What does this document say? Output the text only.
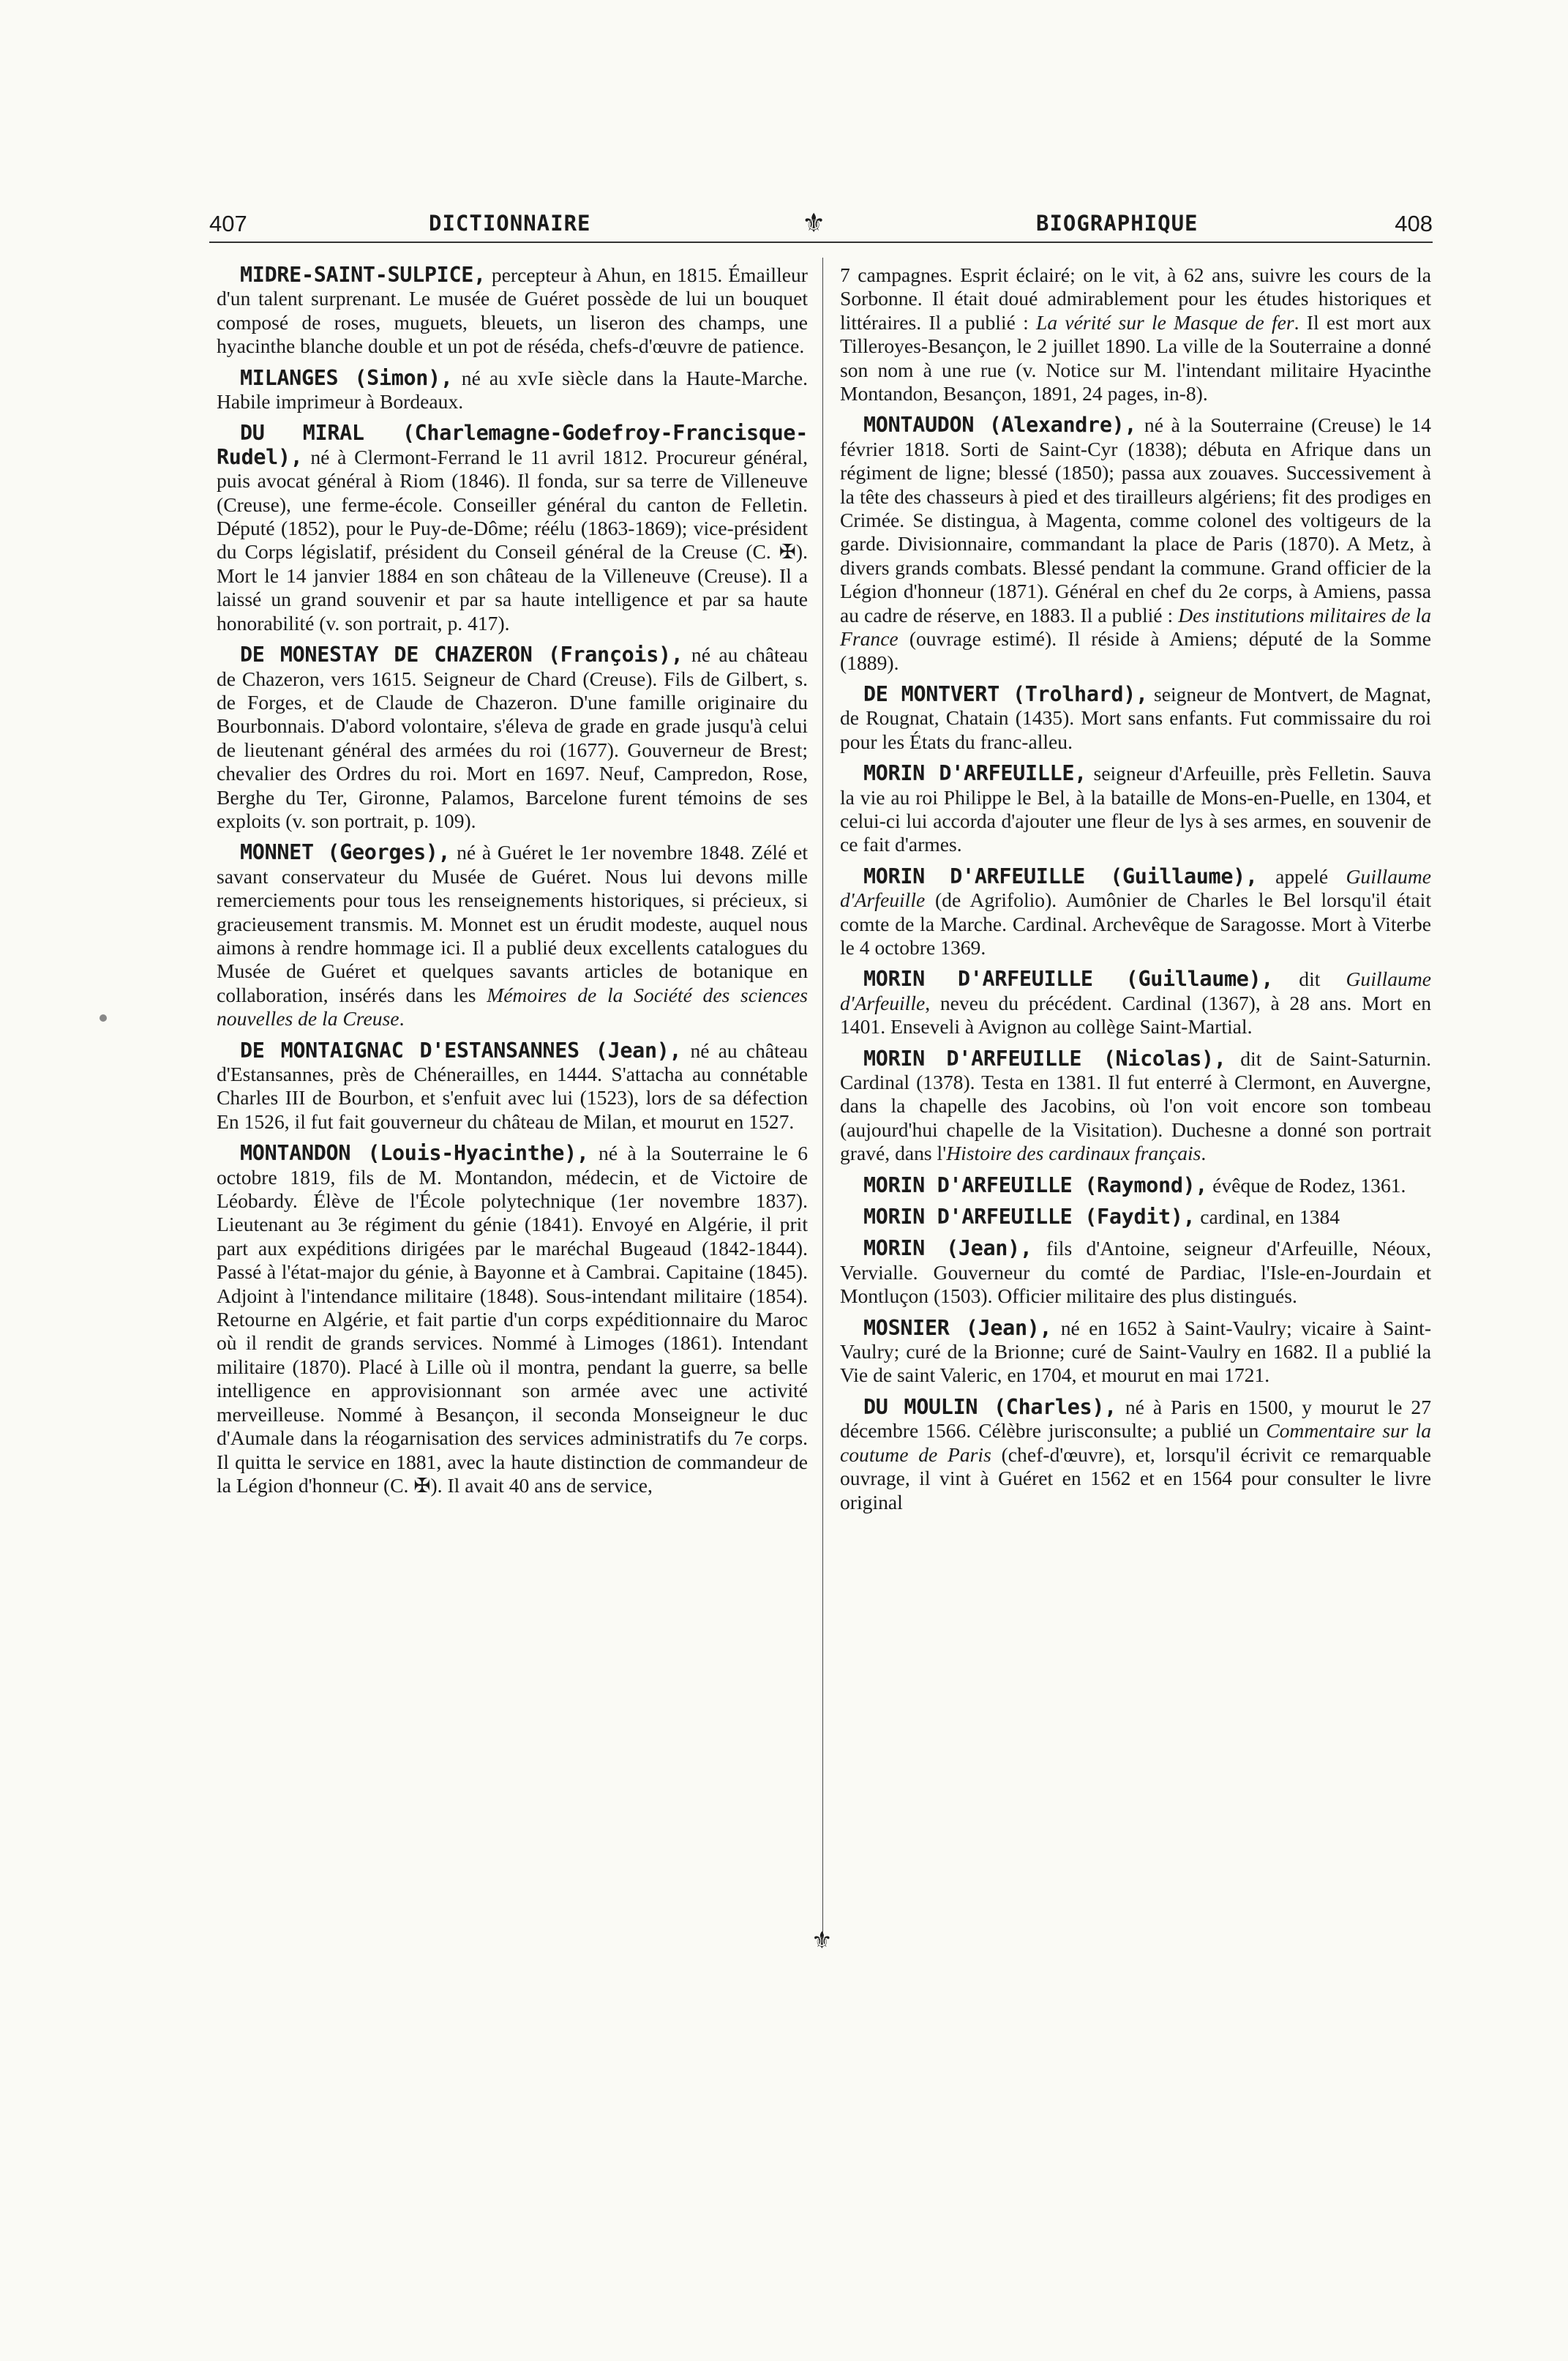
407	DICTIONNAIRE	⚜	BIOGRAPHIQUE	408
⚜

MIDRE-SAINT-SULPICE, percepteur à Ahun, en 1815. Émailleur d'un talent surprenant. Le musée de Guéret possède de lui un bouquet composé de roses, muguets, bleuets, un liseron des champs, une hyacinthe blanche double et un pot de réséda, chefs-d'œuvre de patience.

MILANGES (Simon), né au xvIe siècle dans la Haute-Marche. Habile imprimeur à Bordeaux.

DU MIRAL (Charlemagne-Godefroy-Francisque-Rudel), né à Clermont-Ferrand le 11 avril 1812. Procureur général, puis avocat général à Riom (1846). Il fonda, sur sa terre de Villeneuve (Creuse), une ferme-école. Conseiller général du canton de Felletin. Député (1852), pour le Puy-de-Dôme; réélu (1863-1869); vice-président du Corps législatif, président du Conseil général de la Creuse (C. ✠). Mort le 14 janvier 1884 en son château de la Villeneuve (Creuse). Il a laissé un grand souvenir et par sa haute intelligence et par sa haute honorabilité (v. son portrait, p. 417).

DE MONESTAY DE CHAZERON (François), né au château de Chazeron, vers 1615. Seigneur de Chard (Creuse). Fils de Gilbert, s. de Forges, et de Claude de Chazeron. D'une famille originaire du Bourbonnais. D'abord volontaire, s'éleva de grade en grade jusqu'à celui de lieutenant général des armées du roi (1677). Gouverneur de Brest; chevalier des Ordres du roi. Mort en 1697. Neuf, Campredon, Rose, Berghe du Ter, Gironne, Palamos, Barcelone furent témoins de ses exploits (v. son portrait, p. 109).

MONNET (Georges), né à Guéret le 1er novembre 1848. Zélé et savant conservateur du Musée de Guéret. Nous lui devons mille remerciements pour tous les renseignements historiques, si précieux, si gracieusement transmis. M. Monnet est un érudit modeste, auquel nous aimons à rendre hommage ici. Il a publié deux excellents catalogues du Musée de Guéret et quelques savants articles de botanique en collaboration, insérés dans les Mémoires de la Société des sciences nouvelles de la Creuse.

DE MONTAIGNAC D'ESTANSANNES (Jean), né au château d'Estansannes, près de Chénerailles, en 1444. S'attacha au connétable Charles III de Bourbon, et s'enfuit avec lui (1523), lors de sa défection En 1526, il fut fait gouverneur du château de Milan, et mourut en 1527.

MONTANDON (Louis-Hyacinthe), né à la Souterraine le 6 octobre 1819, fils de M. Montandon, médecin, et de Victoire de Léobardy. Élève de l'École polytechnique (1er novembre 1837). Lieutenant au 3e régiment du génie (1841). Envoyé en Algérie, il prit part aux expéditions dirigées par le maréchal Bugeaud (1842-1844). Passé à l'état-major du génie, à Bayonne et à Cambrai. Capitaine (1845). Adjoint à l'intendance militaire (1848). Sous-intendant militaire (1854). Retourne en Algérie, et fait partie d'un corps expéditionnaire du Maroc où il rendit de grands services. Nommé à Limoges (1861). Intendant militaire (1870). Placé à Lille où il montra, pendant la guerre, sa belle intelligence en approvisionnant son armée avec une activité merveilleuse. Nommé à Besançon, il seconda Monseigneur le duc d'Aumale dans la réogarnisation des services administratifs du 7e corps. Il quitta le service en 1881, avec la haute distinction de commandeur de la Légion d'honneur (C. ✠). Il avait 40 ans de service,

7 campagnes. Esprit éclairé; on le vit, à 62 ans, suivre les cours de la Sorbonne. Il était doué admirablement pour les études historiques et littéraires. Il a publié : La vérité sur le Masque de fer. Il est mort aux Tilleroyes-Besançon, le 2 juillet 1890. La ville de la Souterraine a donné son nom à une rue (v. Notice sur M. l'intendant militaire Hyacinthe Montandon, Besançon, 1891, 24 pages, in-8).

MONTAUDON (Alexandre), né à la Souterraine (Creuse) le 14 février 1818. Sorti de Saint-Cyr (1838); débuta en Afrique dans un régiment de ligne; blessé (1850); passa aux zouaves. Successivement à la tête des chasseurs à pied et des tirailleurs algériens; fit des prodiges en Crimée. Se distingua, à Magenta, comme colonel des voltigeurs de la garde. Divisionnaire, commandant la place de Paris (1870). A Metz, à divers grands combats. Blessé pendant la commune. Grand officier de la Légion d'honneur (1871). Général en chef du 2e corps, à Amiens, passa au cadre de réserve, en 1883. Il a publié : Des institutions militaires de la France (ouvrage estimé). Il réside à Amiens; député de la Somme (1889).

DE MONTVERT (Trolhard), seigneur de Montvert, de Magnat, de Rougnat, Chatain (1435). Mort sans enfants. Fut commissaire du roi pour les États du franc-alleu.

MORIN D'ARFEUILLE, seigneur d'Arfeuille, près Felletin. Sauva la vie au roi Philippe le Bel, à la bataille de Mons-en-Puelle, en 1304, et celui-ci lui accorda d'ajouter une fleur de lys à ses armes, en souvenir de ce fait d'armes.

MORIN D'ARFEUILLE (Guillaume), appelé Guillaume d'Arfeuille (de Agrifolio). Aumônier de Charles le Bel lorsqu'il était comte de la Marche. Cardinal. Archevêque de Saragosse. Mort à Viterbe le 4 octobre 1369.

MORIN D'ARFEUILLE (Guillaume), dit Guillaume d'Arfeuille, neveu du précédent. Cardinal (1367), à 28 ans. Mort en 1401. Enseveli à Avignon au collège Saint-Martial.

MORIN D'ARFEUILLE (Nicolas), dit de Saint-Saturnin. Cardinal (1378). Testa en 1381. Il fut enterré à Clermont, en Auvergne, dans la chapelle des Jacobins, où l'on voit encore son tombeau (aujourd'hui chapelle de la Visitation). Duchesne a donné son portrait gravé, dans l'Histoire des cardinaux français.

MORIN D'ARFEUILLE (Raymond), évêque de Rodez, 1361.

MORIN D'ARFEUILLE (Faydit), cardinal, en 1384

MORIN (Jean), fils d'Antoine, seigneur d'Arfeuille, Néoux, Vervialle. Gouverneur du comté de Pardiac, l'Isle-en-Jourdain et Montluçon (1503). Officier militaire des plus distingués.

MOSNIER (Jean), né en 1652 à Saint-Vaulry; vicaire à Saint-Vaulry; curé de la Brionne; curé de Saint-Vaulry en 1682. Il a publié la Vie de saint Valeric, en 1704, et mourut en mai 1721.

DU MOULIN (Charles), né à Paris en 1500, y mourut le 27 décembre 1566. Célèbre jurisconsulte; a publié un Commentaire sur la coutume de Paris (chef-d'œuvre), et, lorsqu'il écrivit ce remarquable ouvrage, il vint à Guéret en 1562 et en 1564 pour consulter le livre original
